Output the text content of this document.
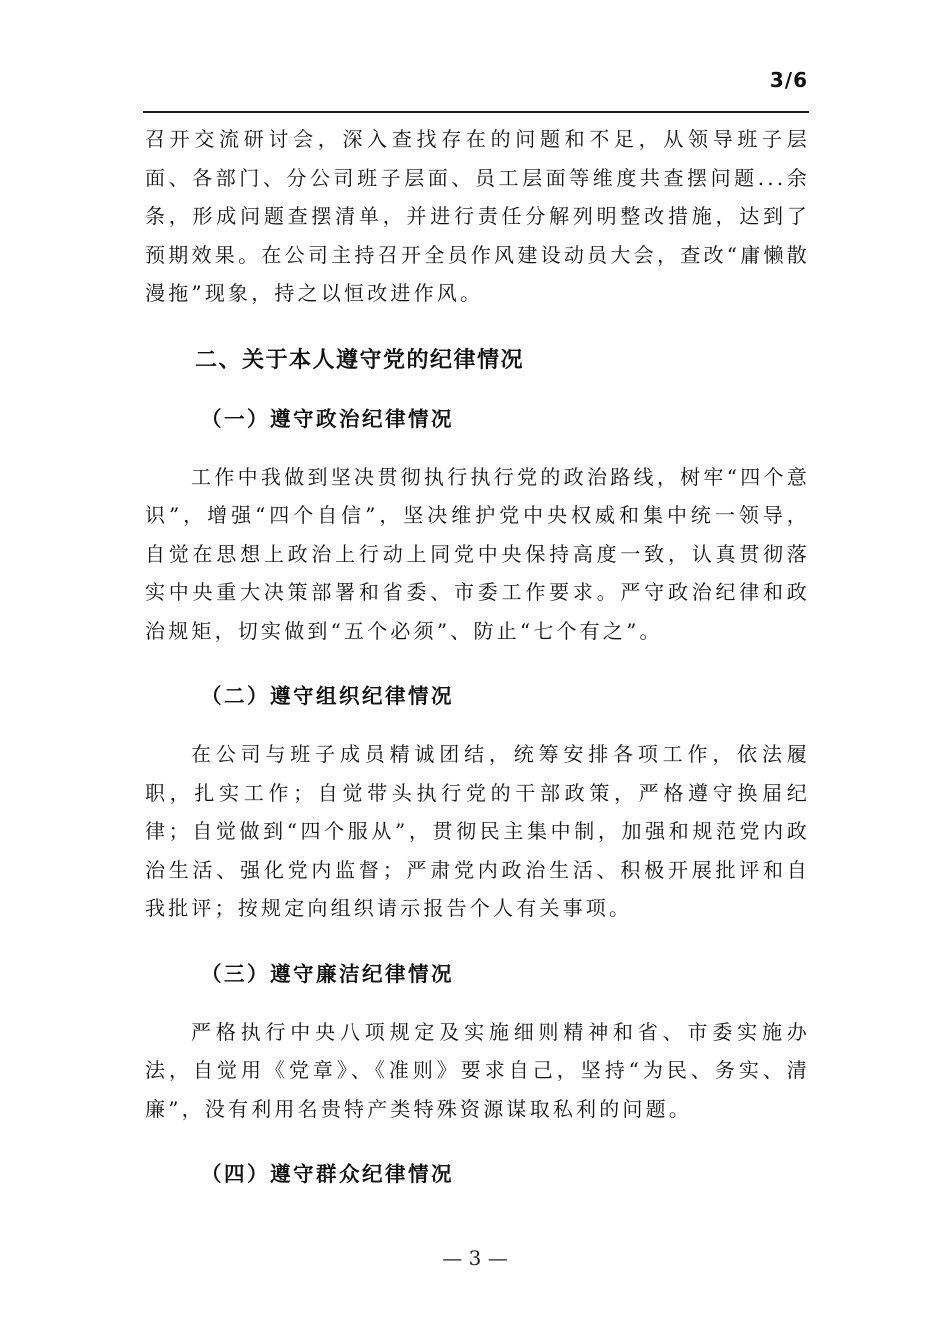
3/6

召开交流研讨会，深入查找存在的问题和不足，从领导班子层面、各部门、分公司班子层面、员工层面等维度共查摆问题...余条，形成问题查摆清单，并进行责任分解列明整改措施，达到了预期效果。在公司主持召开全员作风建设动员大会，查改“庸懒散漫拖”现象，持之以恒改进作风。

二、关于本人遵守党的纪律情况
（一）遵守政治纪律情况

工作中我做到坚决贯彻执行执行党的政治路线，树牢“四个意识”，增强“四个自信”，坚决维护党中央权威和集中统一领导，自觉在思想上政治上行动上同党中央保持高度一致，认真贯彻落实中央重大决策部署和省委、市委工作要求。严守政治纪律和政治规矩，切实做到“五个必须”、防止“七个有之”。

（二）遵守组织纪律情况

在公司与班子成员精诚团结，统筹安排各项工作，依法履职，扎实工作；自觉带头执行党的干部政策，严格遵守换届纪律；自觉做到“四个服从”，贯彻民主集中制，加强和规范党内政治生活、强化党内监督；严肃党内政治生活、积极开展批评和自我批评；按规定向组织请示报告个人有关事项。

（三）遵守廉洁纪律情况

严格执行中央八项规定及实施细则精神和省、市委实施办法，自觉用《党章》、《准则》要求自己，坚持“为民、务实、清廉”，没有利用名贵特产类特殊资源谋取私利的问题。

（四）遵守群众纪律情况
— 3 —
